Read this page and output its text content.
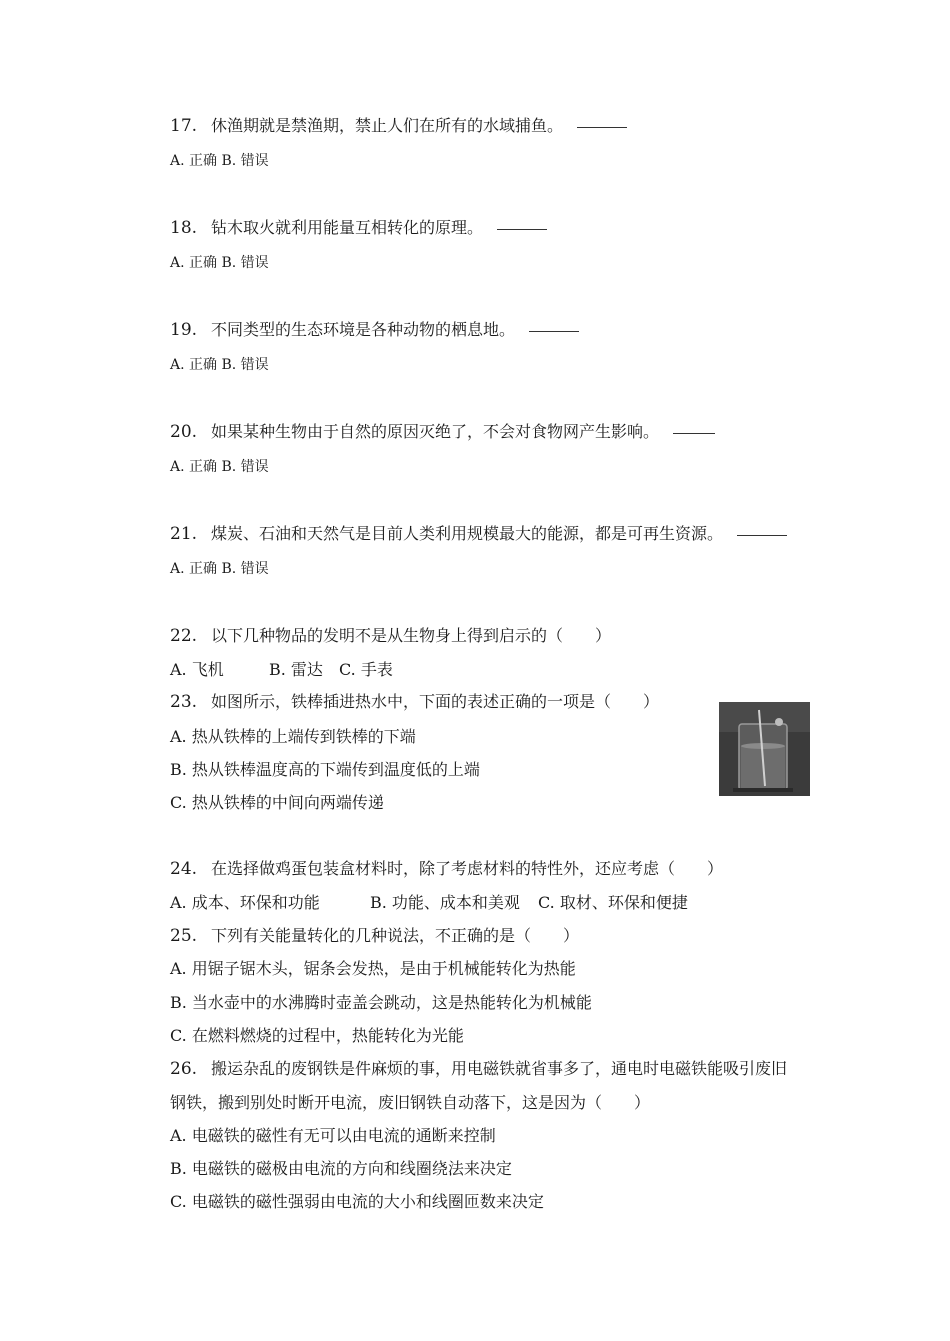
17. 休渔期就是禁渔期，禁止人们在所有的水域捕鱼。
A. 正确 B. 错误
18. 钻木取火就利用能量互相转化的原理。
A. 正确 B. 错误
19. 不同类型的生态环境是各种动物的栖息地。
A. 正确 B. 错误
20. 如果某种生物由于自然的原因灭绝了，不会对食物网产生影响。
A. 正确 B. 错误
21. 煤炭、石油和天然气是目前人类利用规模最大的能源，都是可再生资源。
A. 正确 B. 错误
22. 以下几种物品的发明不是从生物身上得到启示的（　　）
A. 飞机	B. 雷达 C. 手表
23. 如图所示，铁棒插进热水中，下面的表述正确的一项是（　　）
A. 热从铁棒的上端传到铁棒的下端
B. 热从铁棒温度高的下端传到温度低的上端
C. 热从铁棒的中间向两端传递
24. 在选择做鸡蛋包装盒材料时，除了考虑材料的特性外，还应考虑（　　）
A. 成本、环保和功能	B. 功能、成本和美观 C. 取材、环保和便捷
25. 下列有关能量转化的几种说法，不正确的是（　　）
A. 用锯子锯木头，锯条会发热，是由于机械能转化为热能
B. 当水壶中的水沸腾时壶盖会跳动，这是热能转化为机械能
C. 在燃料燃烧的过程中，热能转化为光能
26. 搬运杂乱的废钢铁是件麻烦的事，用电磁铁就省事多了，通电时电磁铁能吸引废旧
钢铁，搬到别处时断开电流，废旧钢铁自动落下，这是因为（　　）
A. 电磁铁的磁性有无可以由电流的通断来控制
B. 电磁铁的磁极由电流的方向和线圈绕法来决定
C. 电磁铁的磁性强弱由电流的大小和线圈匝数来决定
